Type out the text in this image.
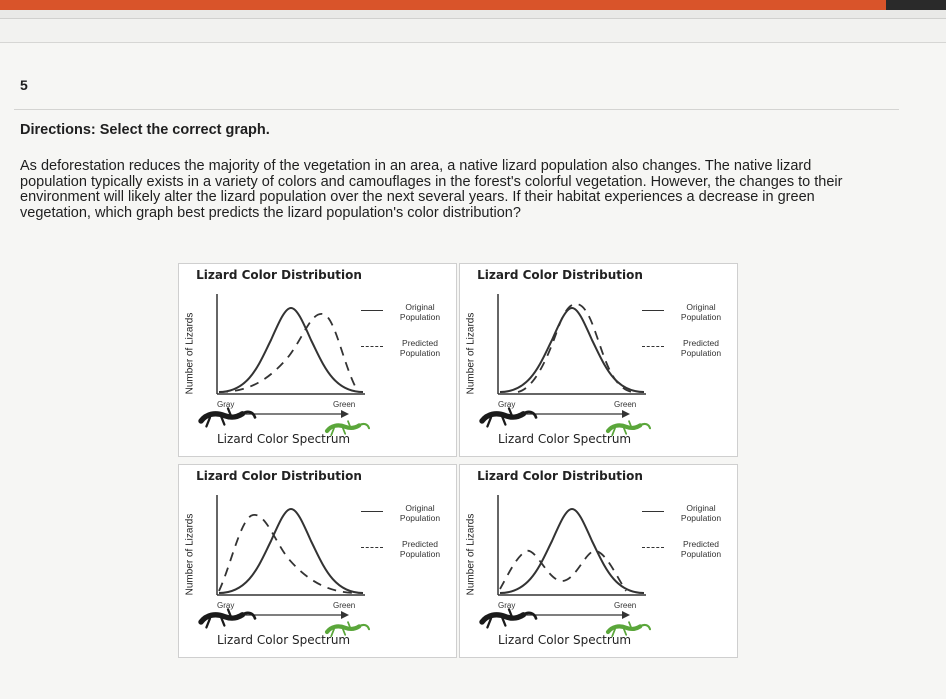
5
Directions: Select the correct graph.
As deforestation reduces the majority of the vegetation in an area, a native lizard population also changes. The native lizard
population typically exists in a variety of colors and camouflages in the forest's colorful vegetation. However, the changes to their
environment will likely alter the lizard population over the next several years. If their habitat experiences a decrease in green
vegetation, which graph best predicts the lizard population's color distribution?
Lizard Color Distribution
Number of Lizards
Gray	Green
Lizard Color Spectrum
Original Population
Predicted Population
Lizard Color Distribution
Number of Lizards
Gray	Green
Lizard Color Spectrum
Original Population
Predicted Population
Lizard Color Distribution
Number of Lizards
Gray	Green
Lizard Color Spectrum
Original Population
Predicted Population
Lizard Color Distribution
Number of Lizards
Gray	Green
Lizard Color Spectrum
Original Population
Predicted Population
